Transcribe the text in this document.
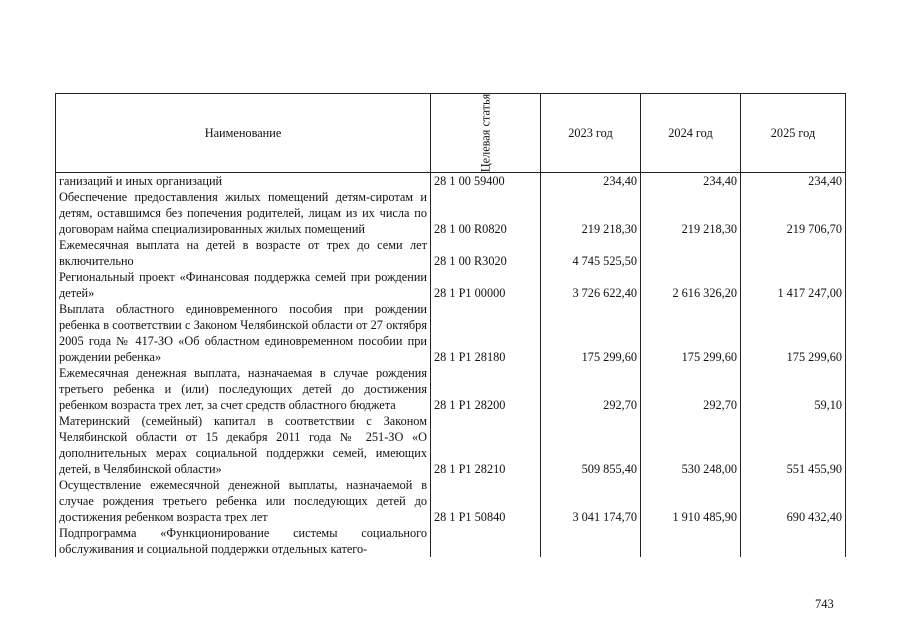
Наименование	Целевая статья	2023 год	2024 год	2025 год
ганизаций и иных организаций	28 1 00 59400	234,40	234,40	234,40
Обеспечение предоставления жилых помещений детям-сиротам и детям, оставшимся без попечения родителей, лицам из их числа по договорам найма специализированных жилых помещений	28 1 00 R0820	219 218,30	219 218,30	219 706,70
Ежемесячная выплата на детей в возрасте от трех до семи лет включительно	28 1 00 R3020	4 745 525,50		
Региональный проект «Финансовая поддержка семей при рождении детей»	28 1 P1 00000	3 726 622,40	2 616 326,20	1 417 247,00
Выплата областного единовременного пособия при рождении ребенка в соответствии с Законом Челябинской области от 27 октября 2005 года № 417-ЗО «Об областном единовременном пособии при рождении ребенка»	28 1 P1 28180	175 299,60	175 299,60	175 299,60
Ежемесячная денежная выплата, назначаемая в случае рождения третьего ребенка и (или) последующих детей до достижения ребенком возраста трех лет, за счет средств областного бюджета	28 1 P1 28200	292,70	292,70	59,10
Материнский (семейный) капитал в соответствии с Законом Челябинской области от 15 декабря 2011 года № 251-ЗО «О дополнительных мерах социальной поддержки семей, имеющих детей, в Челябинской области»	28 1 P1 28210	509 855,40	530 248,00	551 455,90
Осуществление ежемесячной денежной выплаты, назначаемой в случае рождения третьего ребенка или последующих детей до достижения ребенком возраста трех лет	28 1 P1 50840	3 041 174,70	1 910 485,90	690 432,40
Подпрограмма «Функционирование системы социального обслуживания и социальной поддержки отдельных катего-				
743
